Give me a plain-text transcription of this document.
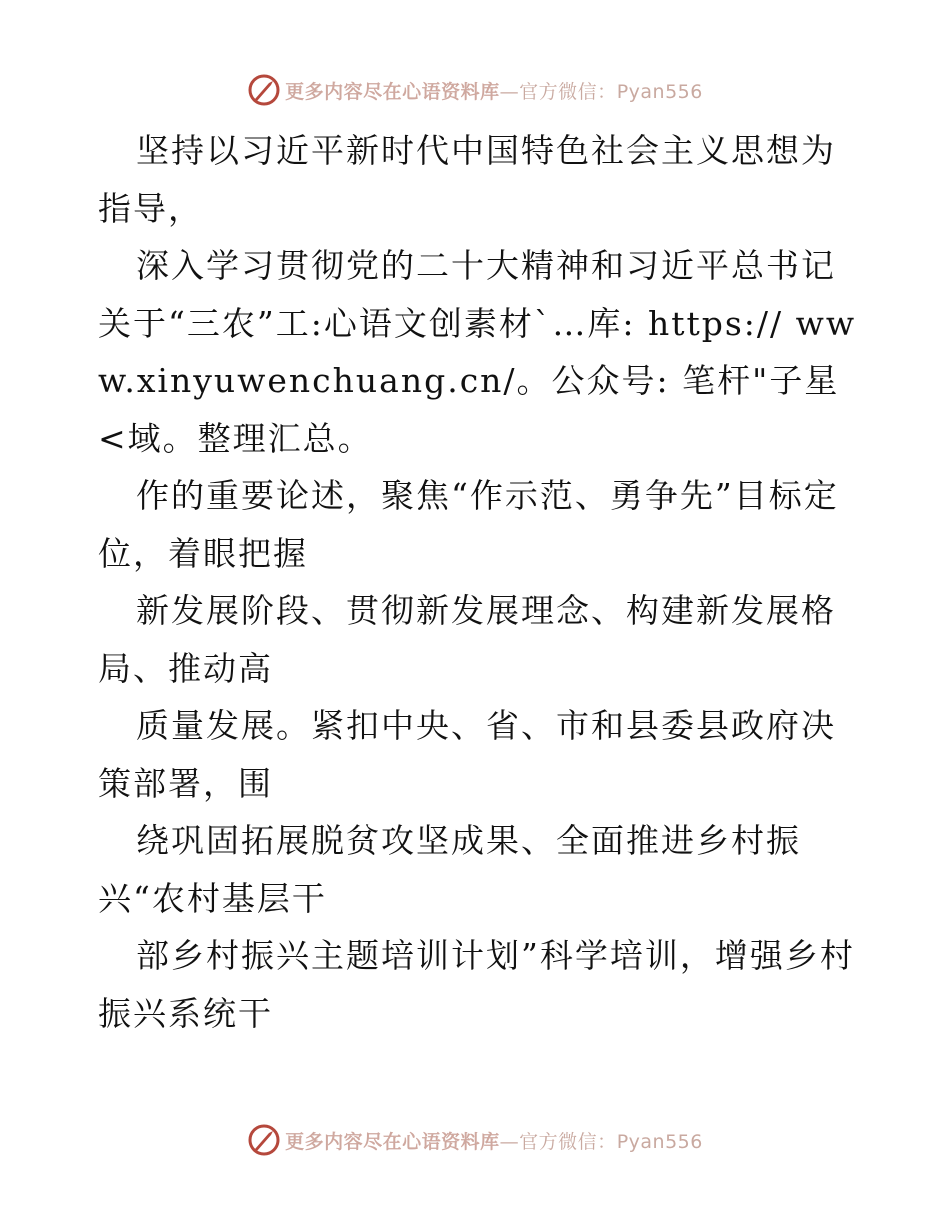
更多内容尽在心语资料库—官方微信：Pyan556

坚持以习近平新时代中国特色社会主义思想为指导，

深入学习贯彻党的二十大精神和习近平总书记关于“三农”工:心语文创素材`…库: https:// www.xinyuwenchuang.cn/。公众号: 笔杆"子星<域。整理汇总。

作的重要论述，聚焦“作示范、勇争先”目标定位，着眼把握

新发展阶段、贯彻新发展理念、构建新发展格局、推动高

质量发展。紧扣中央、省、市和县委县政府决策部署，围

绕巩固拓展脱贫攻坚成果、全面推进乡村振兴“农村基层干

部乡村振兴主题培训计划”科学培训，增强乡村振兴系统干

更多内容尽在心语资料库—官方微信：Pyan556
